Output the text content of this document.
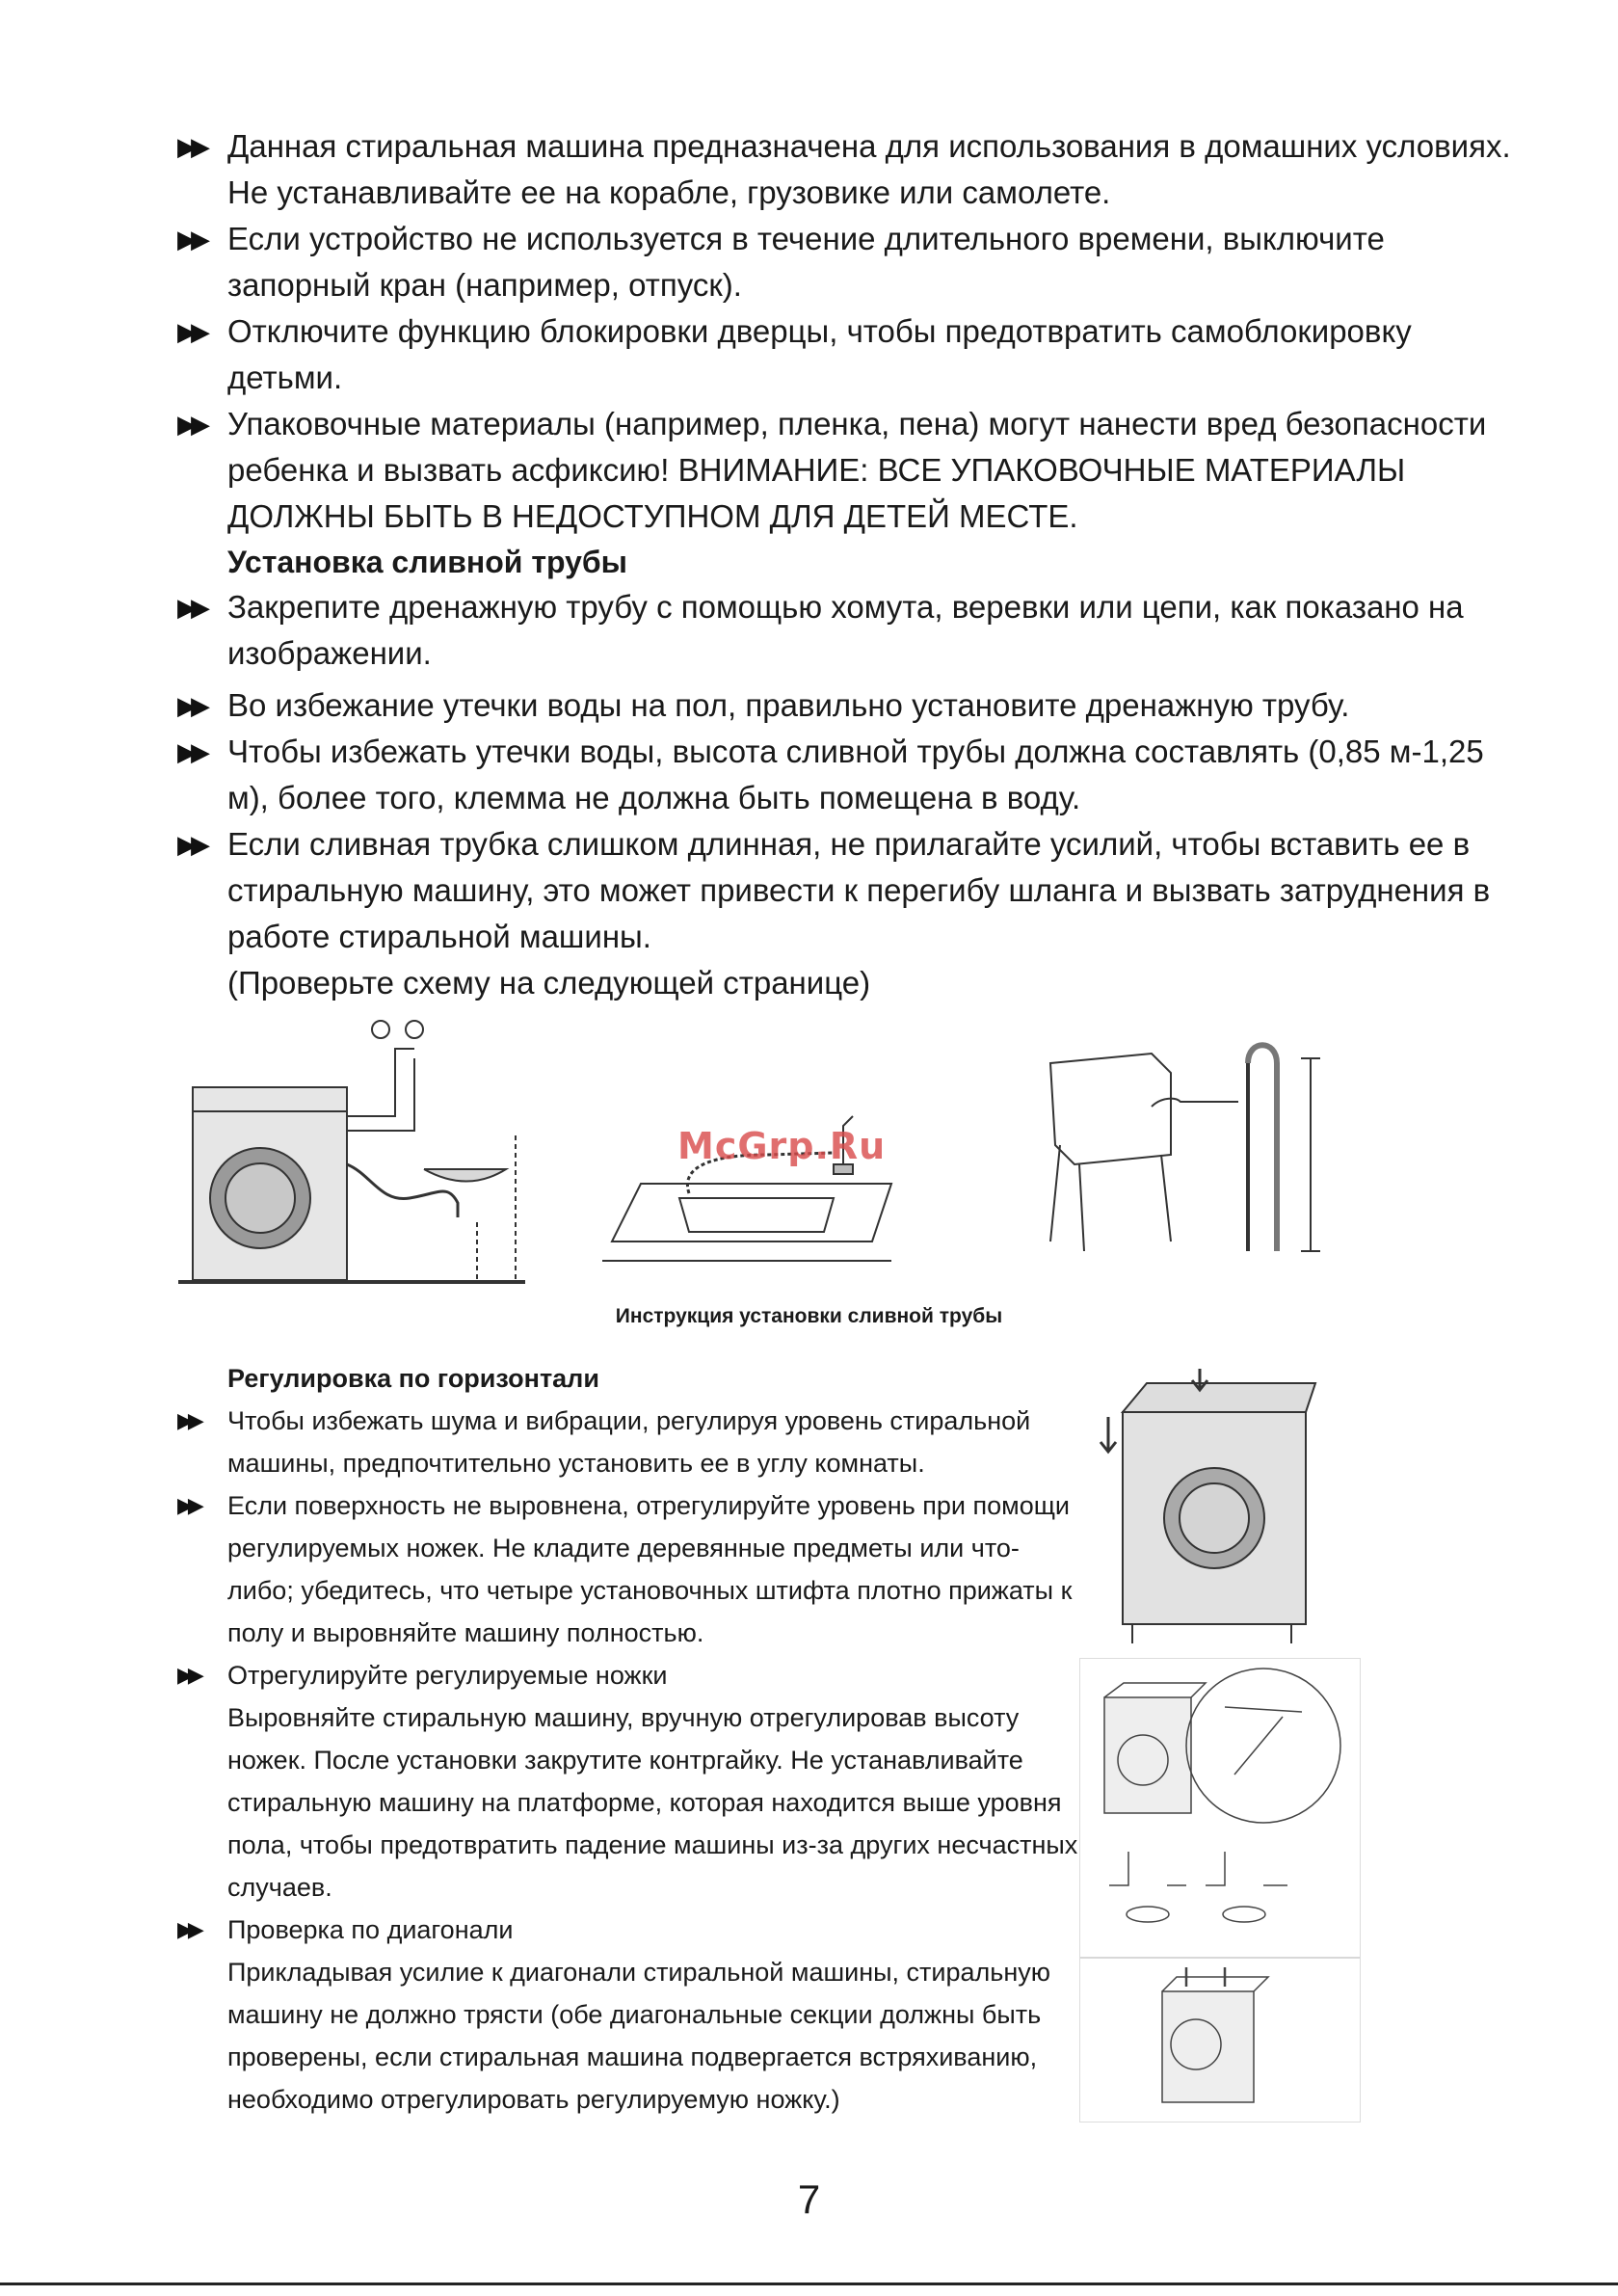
▶▶ Данная стиральная машина предназначена для использования в домашних условиях. Не устанавливайте ее на корабле, грузовике или самолете.

▶▶ Если устройство не используется в течение длительного времени, выключите запорный кран (например, отпуск).

▶▶ Отключите функцию блокировки дверцы, чтобы предотвратить самоблокировку детьми.

▶▶ Упаковочные материалы (например, пленка, пена) могут нанести вред безопасности ребенка и вызвать асфиксию! ВНИМАНИЕ: ВСЕ УПАКОВОЧНЫЕ МАТЕРИАЛЫ ДОЛЖНЫ БЫТЬ В НЕДОСТУПНОМ ДЛЯ ДЕТЕЙ МЕСТЕ.

Установка сливной трубы
▶▶ Закрепите дренажную трубу с помощью хомута, веревки или цепи, как показано на изображении.

▶▶ Во избежание утечки воды на пол, правильно установите дренажную трубу.

▶▶ Чтобы избежать утечки воды, высота сливной трубы должна составлять (0,85 м-1,25 м), более того, клемма не должна быть помещена в воду.

▶▶ Если сливная трубка слишком длинная, не прилагайте усилий, чтобы вставить ее в стиральную машину, это может привести к перегибу шланга и вызвать затруднения в работе стиральной машины.

(Проверьте схему на следующей странице)
McGrp.Ru
Инструкция установки сливной трубы
Регулировка по горизонтали
▶▶ Чтобы избежать шума и вибрации, регулируя уровень стиральной машины, предпочтительно установить ее в углу комнаты.

▶▶ Если поверхность не выровнена, отрегулируйте уровень при помощи регулируемых ножек. Не кладите деревянные предметы или что-либо; убедитесь, что четыре установочных штифта плотно прижаты к полу и выровняйте машину полностью.

▶▶ Отрегулируйте регулируемые ножки

Выровняйте стиральную машину, вручную отрегулировав высоту ножек. После установки закрутите контргайку. Не устанавливайте стиральную машину на платформе, которая находится выше уровня пола, чтобы предотвратить падение машины из-за других несчастных случаев.

▶▶ Проверка по диагонали

Прикладывая усилие к диагонали стиральной машины, стиральную машину не должно трясти (обе диагональные секции должны быть проверены, если стиральная машина подвергается встряхиванию, необходимо отрегулировать регулируемую ножку.)

7
